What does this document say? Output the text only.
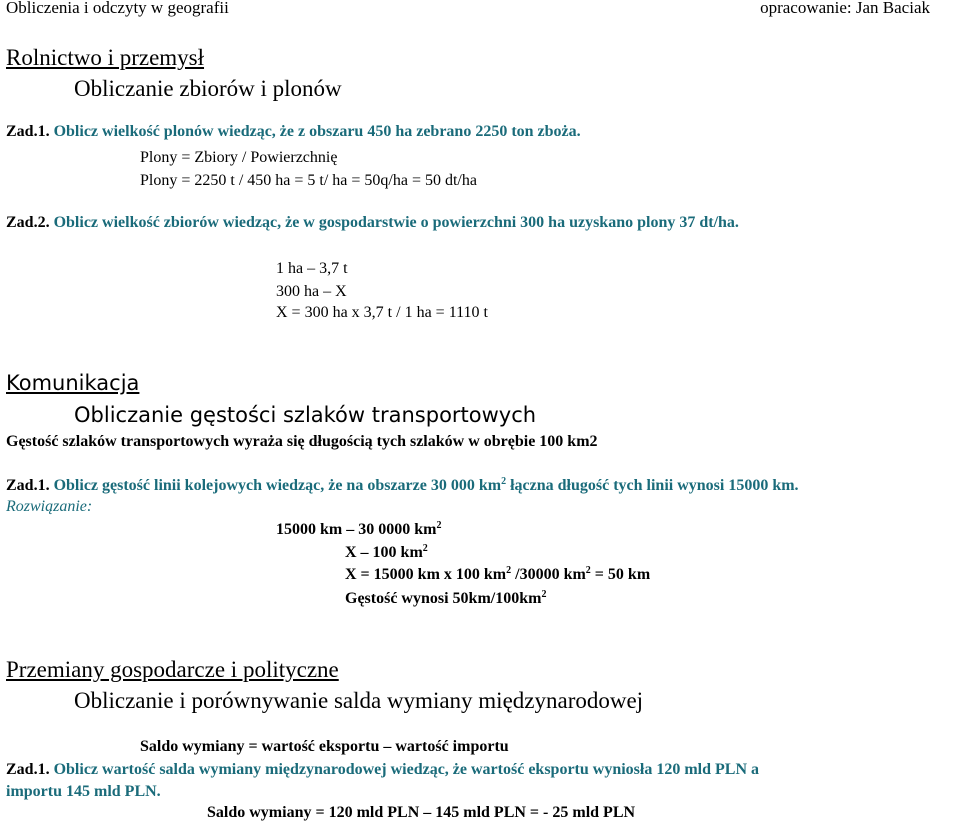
Obliczenia i odczyty w geografii	opracowanie: Jan Baciak
Rolnictwo i przemysł
Obliczanie zbiorów i plonów
Zad.1. Oblicz wielkość plonów wiedząc, że z obszaru 450 ha zebrano 2250 ton zboża.
Plony = Zbiory / Powierzchnię
Plony = 2250 t / 450 ha = 5 t/ ha = 50q/ha = 50 dt/ha
Zad.2. Oblicz wielkość zbiorów wiedząc, że w gospodarstwie o powierzchni 300 ha uzyskano plony 37 dt/ha.
1 ha – 3,7 t
300 ha – X
X = 300 ha x 3,7 t / 1 ha = 1110 t
Komunikacja
Obliczanie gęstości szlaków transportowych
Gęstość szlaków transportowych wyraża się długością tych szlaków w obrębie 100 km2
Zad.1. Oblicz gęstość linii kolejowych wiedząc, że na obszarze 30 000 $km^2$ łączna długość tych linii wynosi 15000 km.
Rozwiązanie:
15000 km – 30 0000 $km^2$
X – 100 $km^2$
X = 15000 km x 100 $km^2$ /30000 $km^2 = 50$ km
Gęstość wynosi $50km/100km^2$
Przemiany gospodarcze i polityczne
Obliczanie i porównywanie salda wymiany międzynarodowej
Saldo wymiany = wartość eksportu – wartość importu
Zad.1. Oblicz wartość salda wymiany międzynarodowej wiedząc, że wartość eksportu wyniosła 120 mld PLN a
importu 145 mld PLN.
Saldo wymiany = 120 mld PLN – 145 mld PLN = - 25 mld PLN
